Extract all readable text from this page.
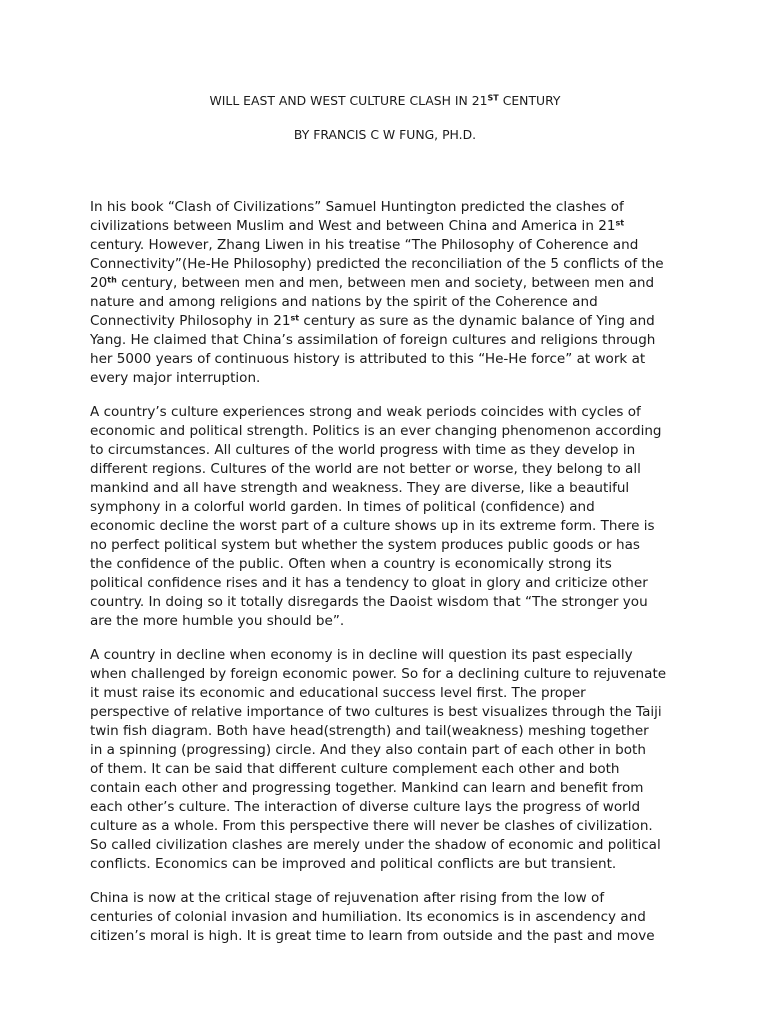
WILL EAST AND WEST CULTURE CLASH IN 21ST CENTURY

BY FRANCIS C W FUNG, PH.D.

In his book “Clash of Civilizations” Samuel Huntington predicted the clashes of
civilizations between Muslim and West and between China and America in 21st
century. However, Zhang Liwen in his treatise “The Philosophy of Coherence and
Connectivity”(He-He Philosophy) predicted the reconciliation of the 5 conflicts of the
20th century, between men and men, between men and society, between men and
nature and among religions and nations by the spirit of the Coherence and
Connectivity Philosophy in 21st century as sure as the dynamic balance of Ying and
Yang. He claimed that China’s assimilation of foreign cultures and religions through
her 5000 years of continuous history is attributed to this “He-He force” at work at
every major interruption.

A country’s culture experiences strong and weak periods coincides with cycles of
economic and political strength. Politics is an ever changing phenomenon according
to circumstances. All cultures of the world progress with time as they develop in
different regions. Cultures of the world are not better or worse, they belong to all
mankind and all have strength and weakness. They are diverse, like a beautiful
symphony in a colorful world garden. In times of political (confidence) and
economic decline the worst part of a culture shows up in its extreme form. There is
no perfect political system but whether the system produces public goods or has
the confidence of the public. Often when a country is economically strong its
political confidence rises and it has a tendency to gloat in glory and criticize other
country. In doing so it totally disregards the Daoist wisdom that “The stronger you
are the more humble you should be”.

A country in decline when economy is in decline will question its past especially
when challenged by foreign economic power. So for a declining culture to rejuvenate
it must raise its economic and educational success level first. The proper
perspective of relative importance of two cultures is best visualizes through the Taiji
twin fish diagram. Both have head(strength) and tail(weakness) meshing together
in a spinning (progressing) circle. And they also contain part of each other in both
of them. It can be said that different culture complement each other and both
contain each other and progressing together. Mankind can learn and benefit from
each other’s culture. The interaction of diverse culture lays the progress of world
culture as a whole. From this perspective there will never be clashes of civilization.
So called civilization clashes are merely under the shadow of economic and political
conflicts. Economics can be improved and political conflicts are but transient.

China is now at the critical stage of rejuvenation after rising from the low of
centuries of colonial invasion and humiliation. Its economics is in ascendency and
citizen’s moral is high. It is great time to learn from outside and the past and move
